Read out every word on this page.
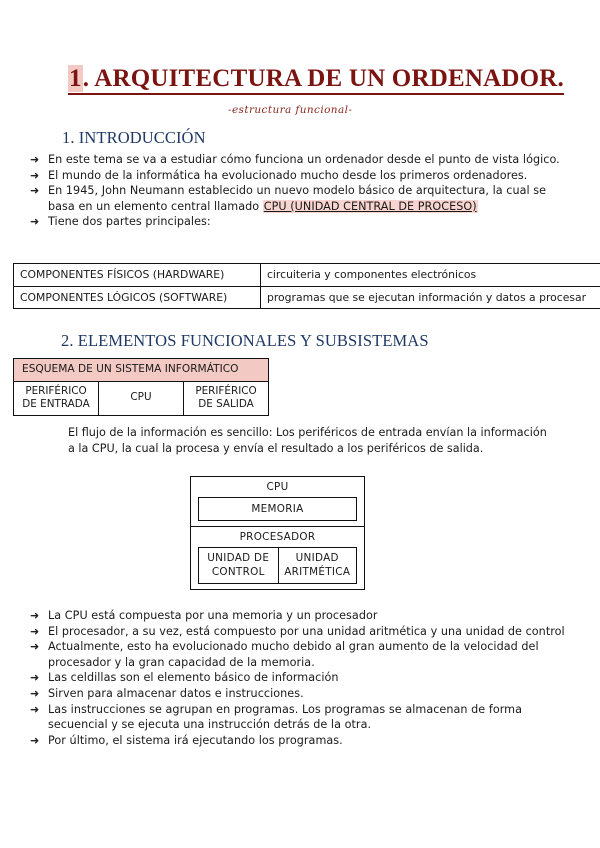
1. ARQUITECTURA DE UN ORDENADOR.
-estructura funcional-
1. INTRODUCCIÓN
➜ En este tema se va a estudiar cómo funciona un ordenador desde el punto de vista lógico.
➜ El mundo de la informática ha evolucionado mucho desde los primeros ordenadores.
➜ En 1945, John Neumann establecido un nuevo modelo básico de arquitectura, la cual se basa en un elemento central llamado CPU (UNIDAD CENTRAL DE PROCESO)
➜ Tiene dos partes principales:
COMPONENTES FÍSICOS (HARDWARE)	circuiteria y componentes electrónicos
COMPONENTES LÓGICOS (SOFTWARE)	programas que se ejecutan información y datos a procesar
2. ELEMENTOS FUNCIONALES Y SUBSISTEMAS
ESQUEMA DE UN SISTEMA INFORMÁTICO
PERIFÉRICO DE ENTRADA	CPU	PERIFÉRICO DE SALIDA
El flujo de la información es sencillo: Los periféricos de entrada envían la información a la CPU, la cual la procesa y envía el resultado a los periféricos de salida.
CPU
MEMORIA
PROCESADOR
UNIDAD DE CONTROL
UNIDAD ARITMÉTICA
➜ La CPU está compuesta por una memoria y un procesador
➜ El procesador, a su vez, está compuesto por una unidad aritmética y una unidad de control
➜ Actualmente, esto ha evolucionado mucho debido al gran aumento de la velocidad del procesador y la gran capacidad de la memoria.
➜ Las celdillas son el elemento básico de información
➜ Sirven para almacenar datos e instrucciones.
➜ Las instrucciones se agrupan en programas. Los programas se almacenan de forma secuencial y se ejecuta una instrucción detrás de la otra.
➜ Por último, el sistema irá ejecutando los programas.
